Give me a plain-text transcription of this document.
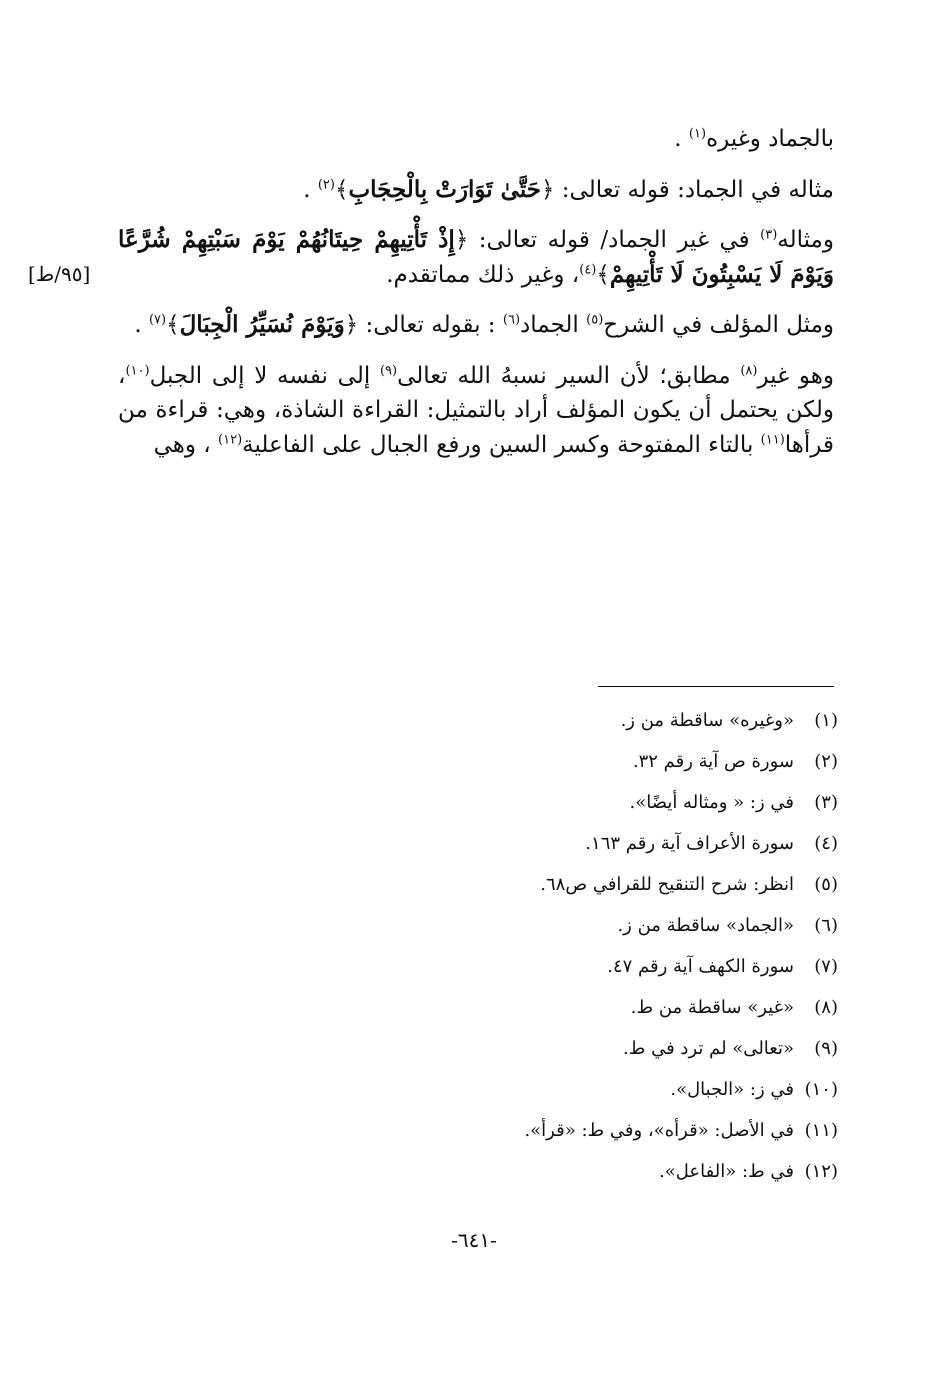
[٩٥/ط]

بالجماد وغيره$^{(١)}$ .

مثاله في الجماد: قوله تعالى: ﴿حَتَّىٰ تَوَارَتْ بِالْحِجَابِ﴾$^{(٢)}$ .

ومثاله$^{(٣)}$ في غير الجماد/ قوله تعالى: ﴿إِذْ تَأْتِيهِمْ حِيتَانُهُمْ يَوْمَ سَبْتِهِمْ شُرَّعًا وَيَوْمَ لَا يَسْبِتُونَ لَا تَأْتِيهِمْ﴾$^{(٤)}$، وغير ذلك مماتقدم.

ومثل المؤلف في الشرح$^{(٥)}$ الجماد$^{(٦)}$ : بقوله تعالى: ﴿وَيَوْمَ نُسَيِّرُ الْجِبَالَ﴾$^{(٧)}$ .

وهو غير$^{(٨)}$ مطابق؛ لأن السير نسبهُ الله تعالى$^{(٩)}$ إلى نفسه لا إلى الجبل$^{(١٠)}$، ولكن يحتمل أن يكون المؤلف أراد بالتمثيل: القراءة الشاذة، وهي: قراءة من قرأها$^{(١١)}$ بالتاء المفتوحة وكسر السين ورفع الجبال على الفاعلية$^{(١٢)}$ ، وهي

(١)«وغيره» ساقطة من ز.
(٢)سورة ص آية رقم ٣٢.
(٣)في ز: « ومثاله أيضًا».
(٤)سورة الأعراف آية رقم ١٦٣.
(٥)انظر: شرح التنقيح للقرافي ص٦٨.
(٦)«الجماد» ساقطة من ز.
(٧)سورة الكهف آية رقم ٤٧.
(٨)«غير» ساقطة من ط.
(٩)«تعالى» لم ترد في ط.
(١٠)في ز: «الجبال».
(١١)في الأصل: «قرأه»، وفي ط: «قرأ».
(١٢)في ط: «الفاعل».
-٦٤١-
